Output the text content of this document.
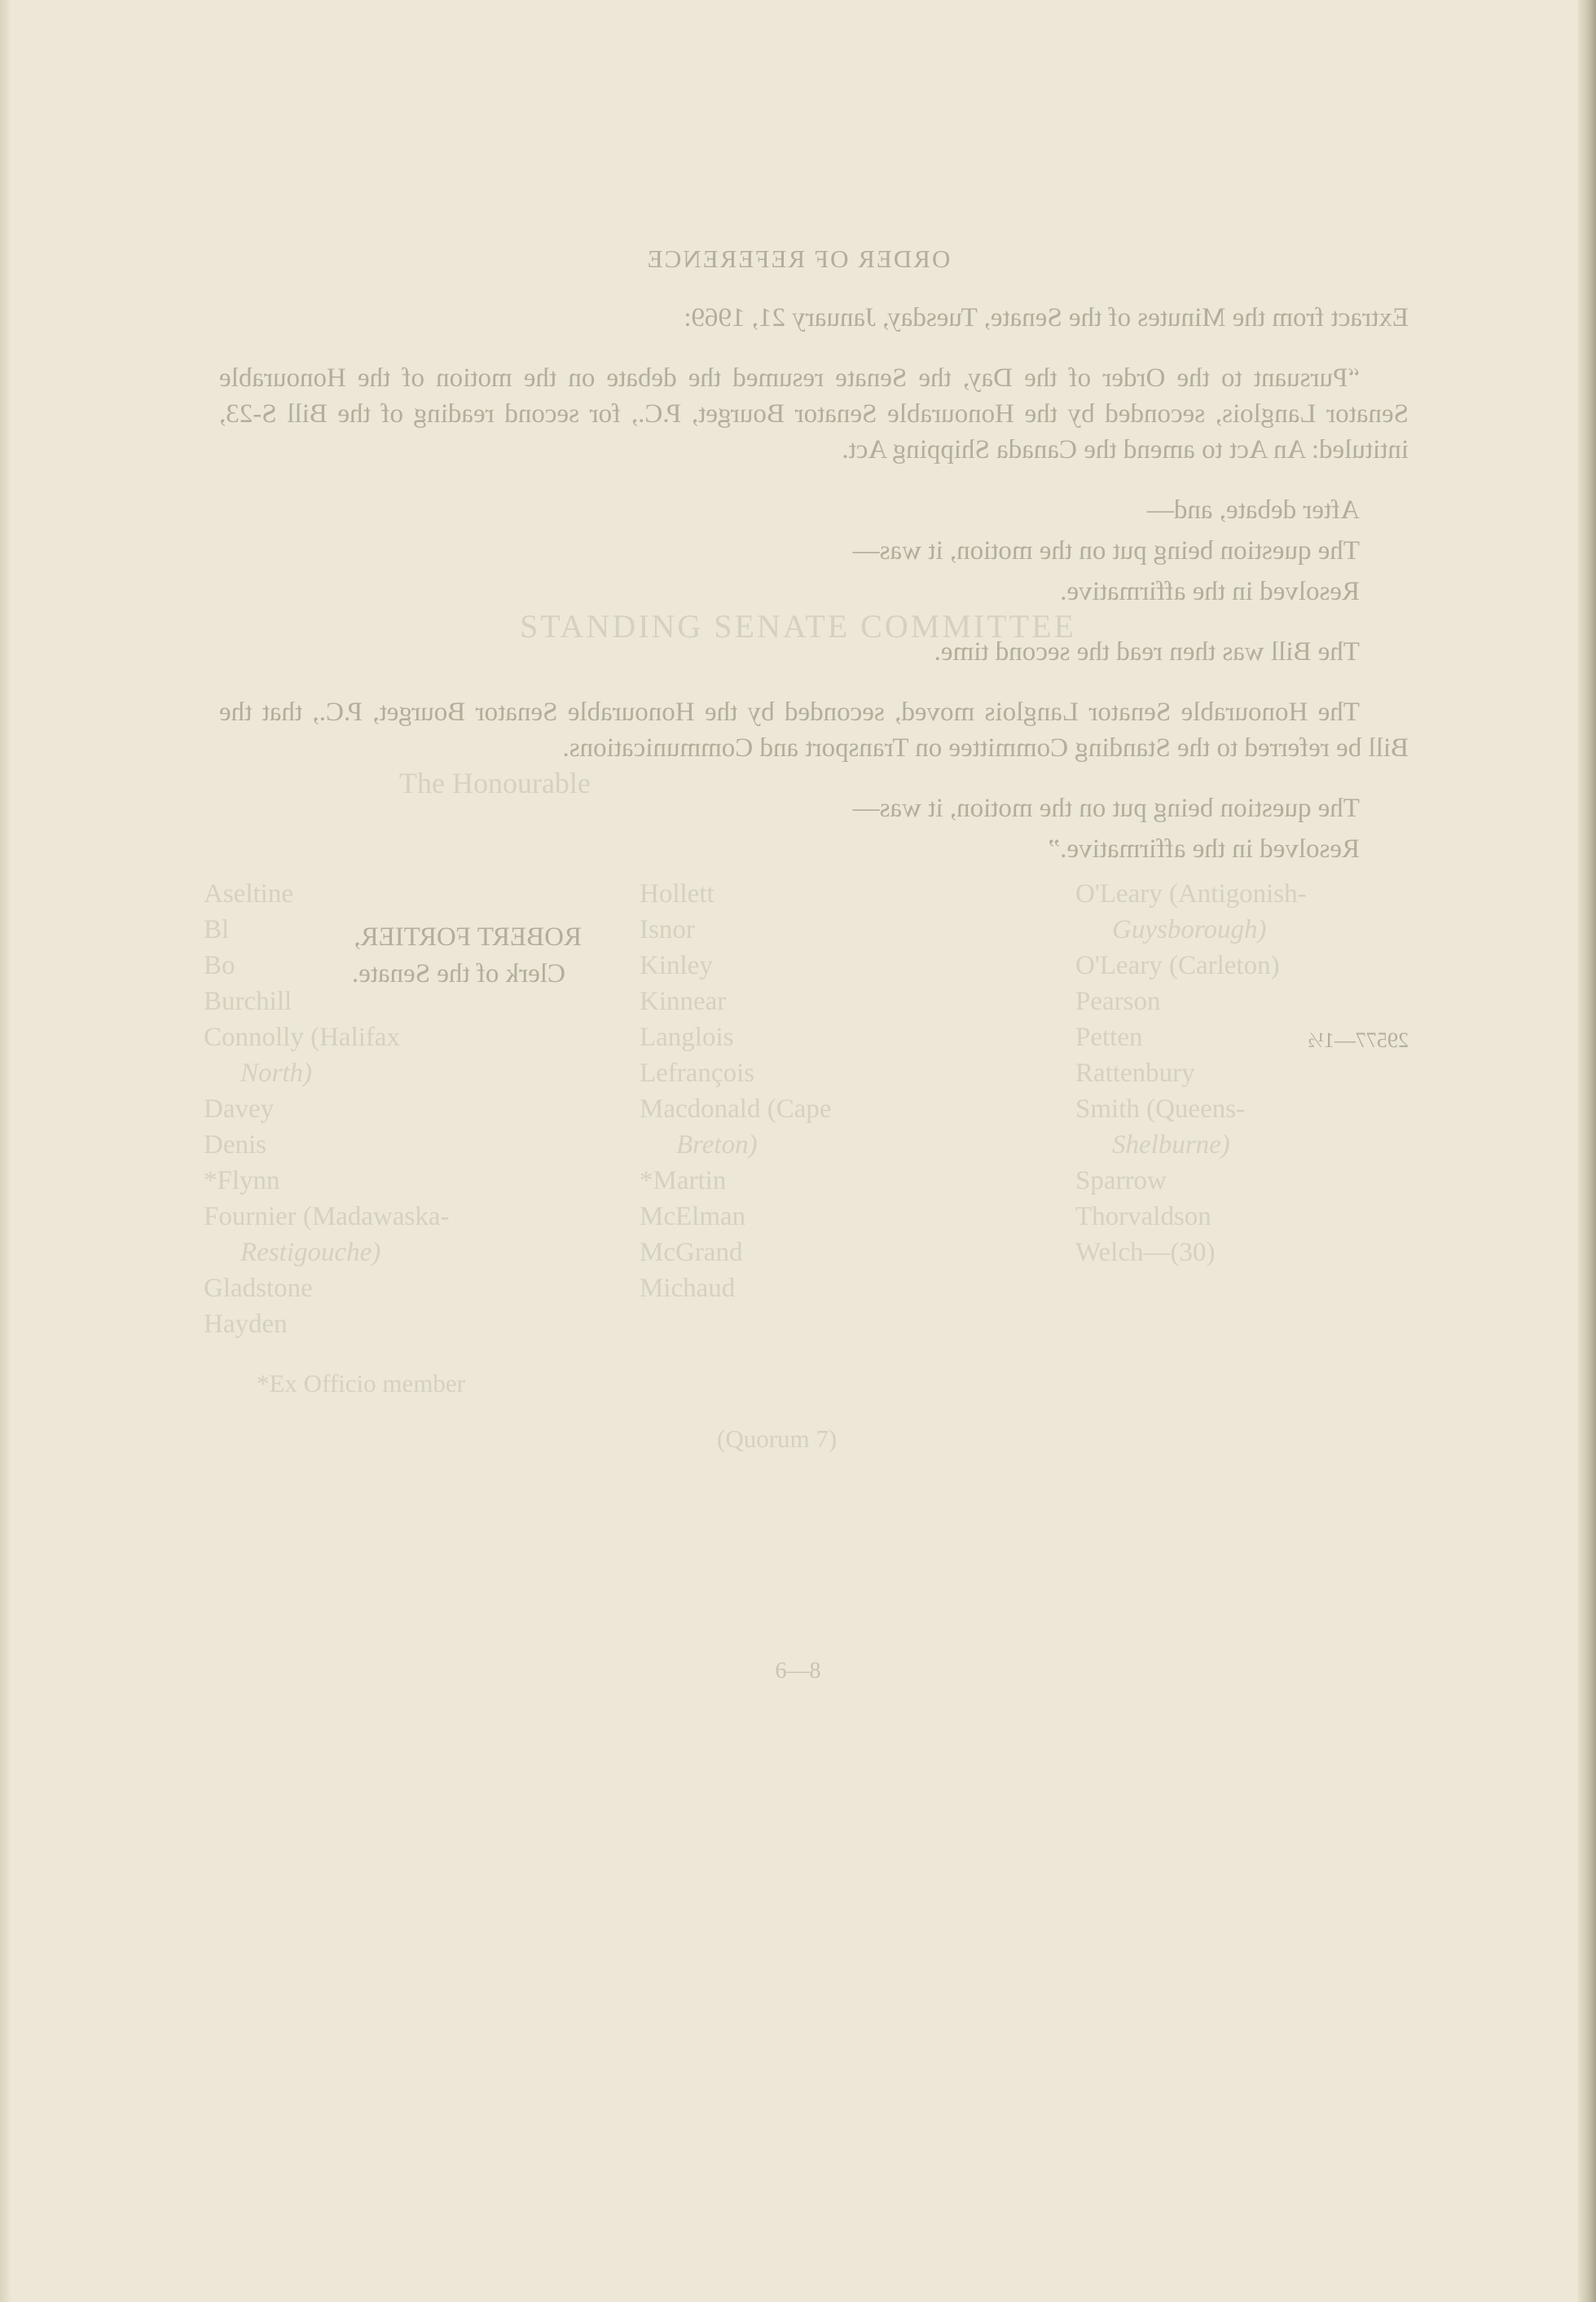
STANDING SENATE COMMITTEE
The Honourable
Aseltine
Bl
Bo
Burchill
Connolly (Halifax
North)
Davey
Denis
*Flynn
Fournier (Madawaska-
Restigouche)
Gladstone
Hayden
Hollett
Isnor
Kinley
Kinnear
Langlois
Lefrançois
Macdonald (Cape
Breton)
*Martin
McElman
McGrand
Michaud
O'Leary (Antigonish-
Guysborough)
O'Leary (Carleton)
Pearson
Petten
Rattenbury
Smith (Queens-
Shelburne)
Sparrow
Thorvaldson
Welch—(30)
*Ex Officio member
(Quorum 7)
6—8
ORDER OF REFERENCE

Extract from the Minutes of the Senate, Tuesday, January 21, 1969:

“Pursuant to the Order of the Day, the Senate resumed the debate on the motion of the Honourable Senator Langlois, seconded by the Honourable Senator Bourget, P.C., for second reading of the Bill S-23, intituled: An Act to amend the Canada Shipping Act.

After debate, and—

The question being put on the motion, it was—

Resolved in the affirmative.

The Bill was then read the second time.

The Honourable Senator Langlois moved, seconded by the Honourable Senator Bourget, P.C., that the Bill be referred to the Standing Committee on Transport and Communications.

The question being put on the motion, it was—

Resolved in the affirmative.”

ROBERT FORTIER,
Clerk of the Senate.
29577—1½
